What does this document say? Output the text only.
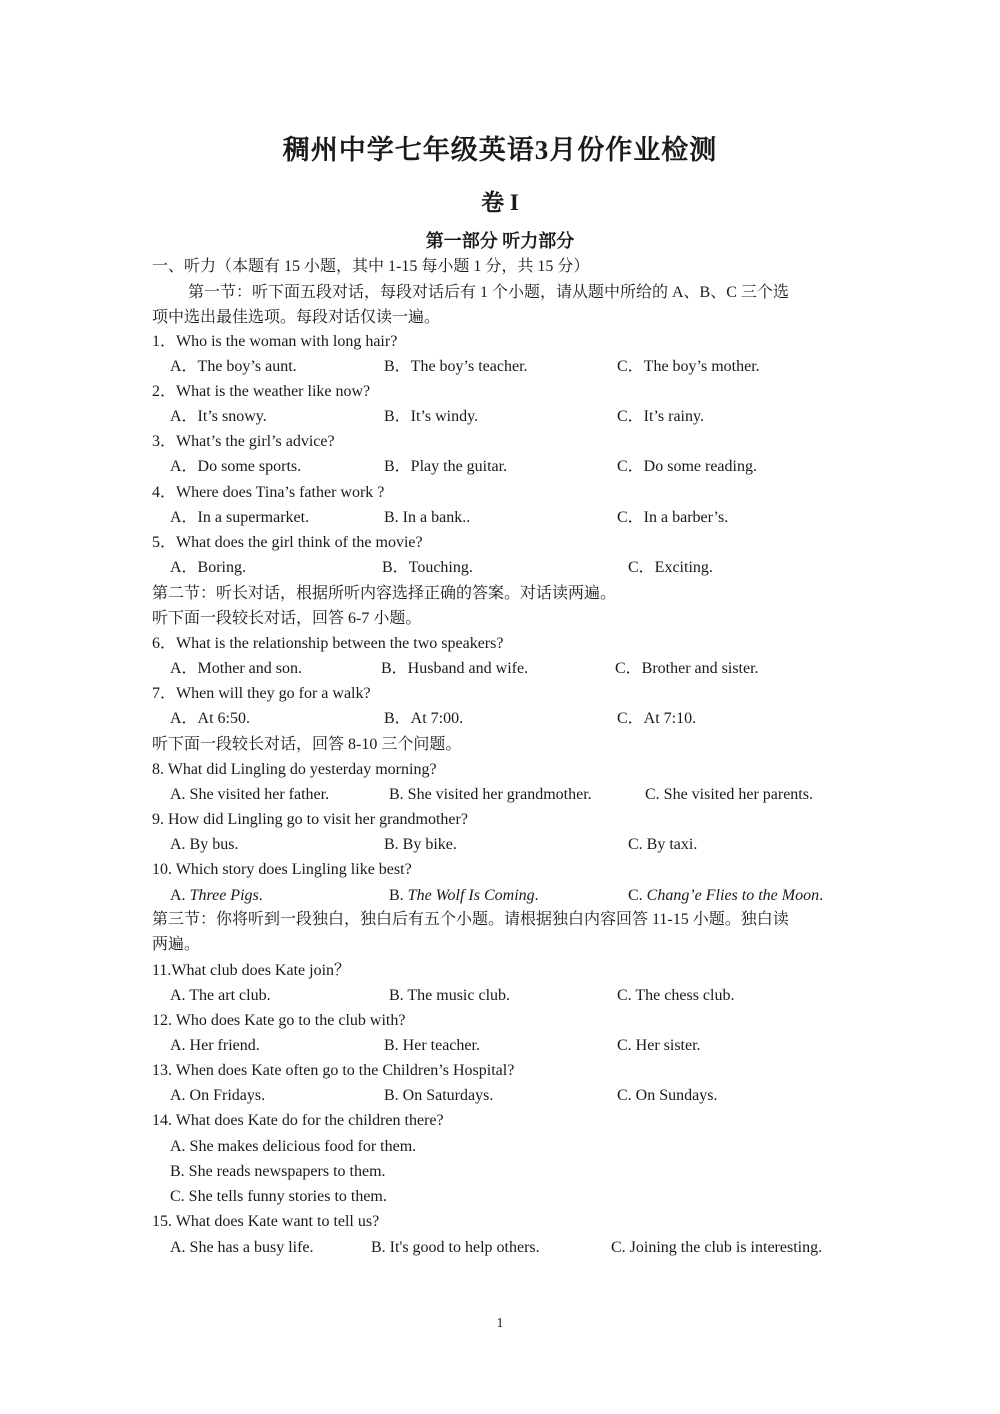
稠州中学七年级英语3月份作业检测
卷 I
第一部分 听力部分
一、听力（本题有 15 小题，其中 1-15 每小题 1 分，共 15 分）
第一节：听下面五段对话，每段对话后有 1 个小题，请从题中所给的 A、B、C 三个选
项中选出最佳选项。每段对话仅读一遍。
1．Who is the woman with long hair?
A．The boy’s aunt.	B．The boy’s teacher.	C．The boy’s mother.
2．What is the weather like now?
A．It’s snowy.	B．It’s windy.	C．It’s rainy.
3．What’s the girl’s advice?
A．Do some sports.	B．Play the guitar.	C．Do some reading.
4．Where does Tina’s father work ?
A．In a supermarket.	B. In a bank..	C．In a barber’s.
5．What does the girl think of the movie?
A．Boring.	B．Touching.	C．Exciting.
第二节：听长对话，根据所听内容选择正确的答案。对话读两遍。
听下面一段较长对话，回答 6-7 小题。
6．What is the relationship between the two speakers?
A．Mother and son.	B．Husband and wife.	C．Brother and sister.
7．When will they go for a walk?
A．At 6:50.	B．At 7:00.	C．At 7:10.
听下面一段较长对话，回答 8-10 三个问题。
8. What did Lingling do yesterday morning?
A. She visited her father.	B. She visited her grandmother.	C. She visited her parents.
9. How did Lingling go to visit her grandmother?
A. By bus.	B. By bike.	C. By taxi.
10. Which story does Lingling like best?
A. Three Pigs.	B. The Wolf Is Coming.	C. Chang’e Flies to the Moon.
第三节：你将听到一段独白，独白后有五个小题。请根据独白内容回答 11-15 小题。独白读
两遍。
11.What club does Kate join？
A. The art club.	B. The music club.	C. The chess club.
12. Who does Kate go to the club with?
A. Her friend.	B. Her teacher.	C. Her sister.
13. When does Kate often go to the Children’s Hospital?
A. On Fridays.	B. On Saturdays.	C. On Sundays.
14. What does Kate do for the children there?
A. She makes delicious food for them.
B. She reads newspapers to them.
C. She tells funny stories to them.
15. What does Kate want to tell us?
A. She has a busy life.	B. It's good to help others.	C. Joining the club is interesting.
1
